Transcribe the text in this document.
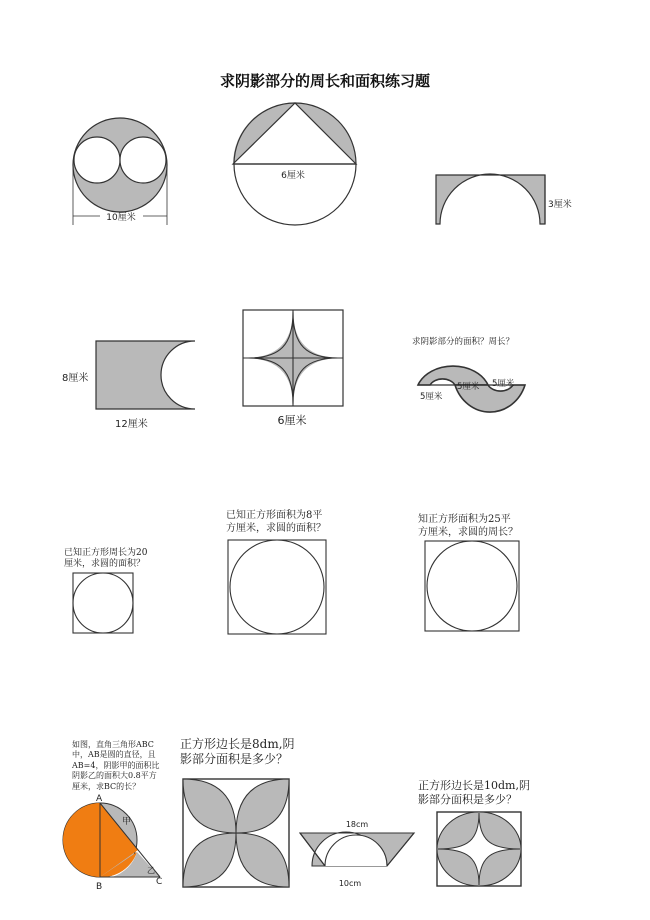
求阴影部分的周长和面积练习题
10厘米
6厘米
3厘米
8厘米
12厘米	6厘米
求阴影部分的面积？周长？
5厘米
5厘米 5厘米
A
B	C
甲
乙
18cm
10cm
已知正方形周长为20
厘米，求圆的面积？
已知正方形面积为8平
方厘米，求圆的面积？
知正方形面积为25平
方厘米，求圆的周长？
如图，直角三角形ABC
中，AB是圆的直径，且
AB=4，阴影甲的面积比
阴影乙的面积大0.8平方
厘米，求BC的长？
正方形边长是8dm,阴
影部分面积是多少？
正方形边长是10dm,阴
影部分面积是多少？
